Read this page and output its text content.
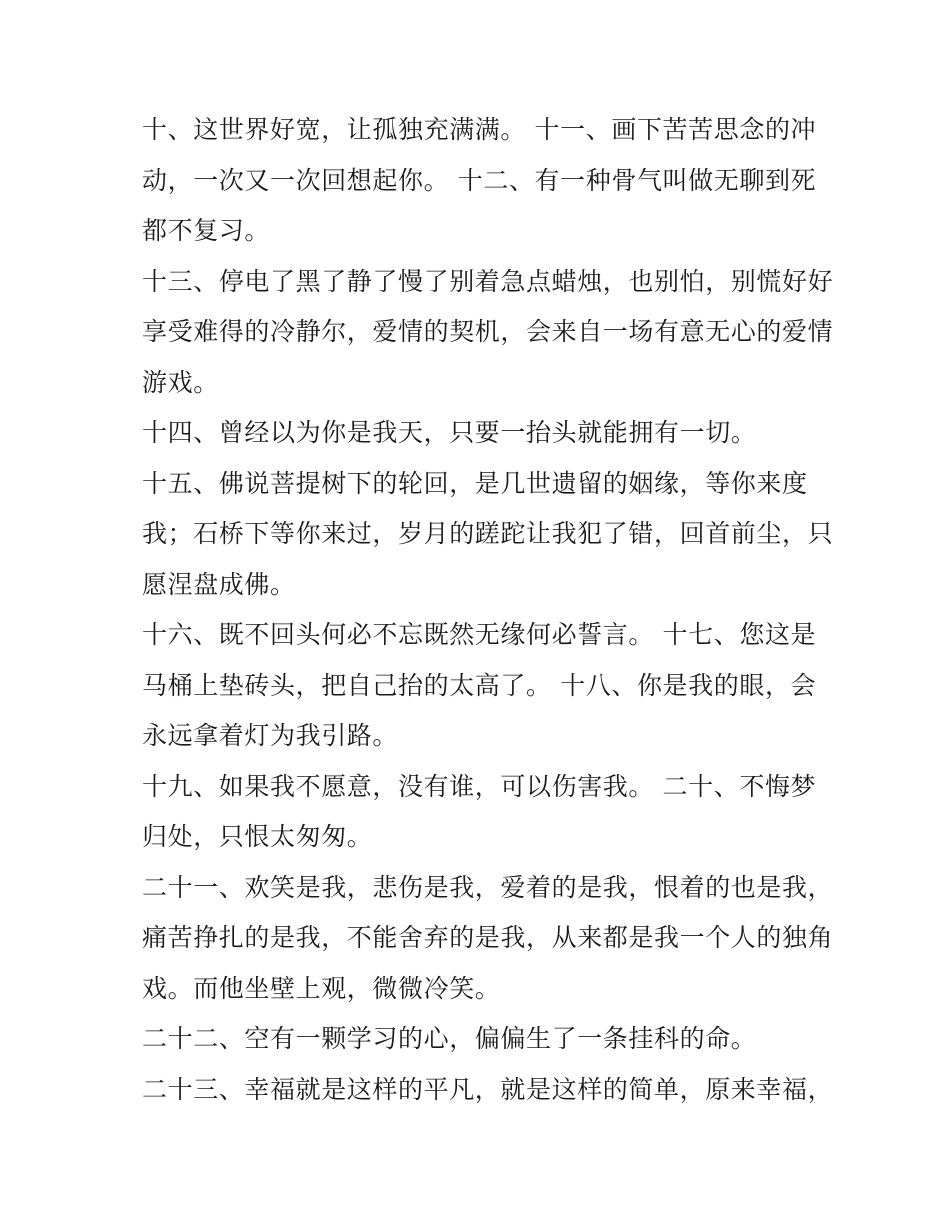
十、这世界好宽，让孤独充满满。 十一、画下苦苦思念的冲
动，一次又一次回想起你。 十二、有一种骨气叫做无聊到死
都不复习。

十三、停电了黑了静了慢了别着急点蜡烛，也别怕，别慌好好
享受难得的冷静尔，爱情的契机，会来自一场有意无心的爱情
游戏。

十四、曾经以为你是我天，只要一抬头就能拥有一切。

十五、佛说菩提树下的轮回，是几世遗留的姻缘，等你来度
我；石桥下等你来过，岁月的蹉跎让我犯了错，回首前尘，只
愿涅盘成佛。

十六、既不回头何必不忘既然无缘何必誓言。 十七、您这是
马桶上垫砖头，把自己抬的太高了。 十八、你是我的眼，会
永远拿着灯为我引路。

十九、如果我不愿意，没有谁，可以伤害我。 二十、不悔梦
归处，只恨太匆匆。

二十一、欢笑是我，悲伤是我，爱着的是我，恨着的也是我，
痛苦挣扎的是我，不能舍弃的是我，从来都是我一个人的独角
戏。而他坐壁上观，微微冷笑。

二十二、空有一颗学习的心，偏偏生了一条挂科的命。

二十三、幸福就是这样的平凡，就是这样的简单，原来幸福，
